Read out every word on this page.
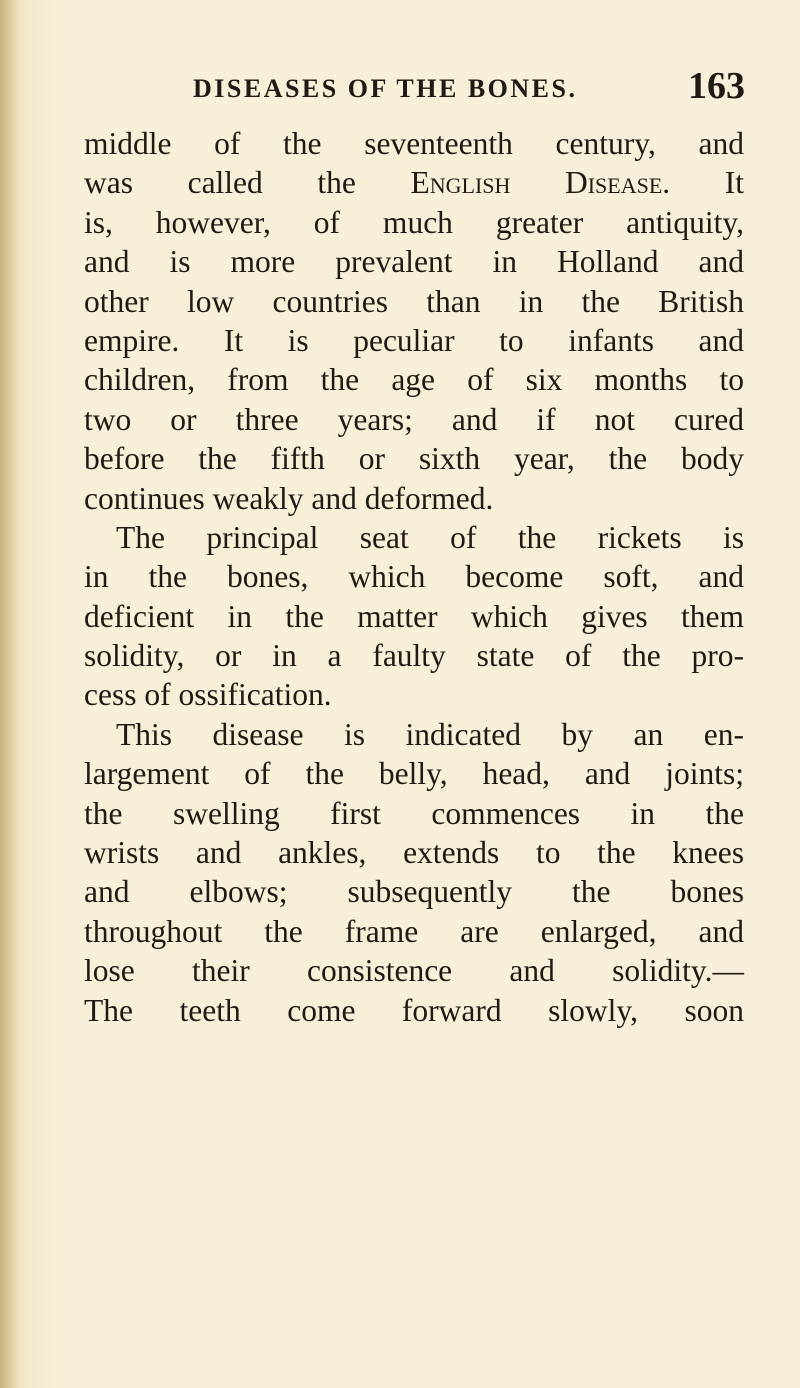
DISEASES OF THE BONES.	163
middle of the seventeenth century, and
was called the English Disease. It
is, however, of much greater antiquity,
and is more prevalent in Holland and
other low countries than in the British
empire. It is peculiar to infants and
children, from the age of six months to
two or three years; and if not cured
before the fifth or sixth year, the body
continues weakly and deformed.
The principal seat of the rickets is
in the bones, which become soft, and
deficient in the matter which gives them
solidity, or in a faulty state of the pro-
cess of ossification.
This disease is indicated by an en-
largement of the belly, head, and joints;
the swelling first commences in the
wrists and ankles, extends to the knees
and elbows; subsequently the bones
throughout the frame are enlarged, and
lose their consistence and solidity.—
The teeth come forward slowly, soon
